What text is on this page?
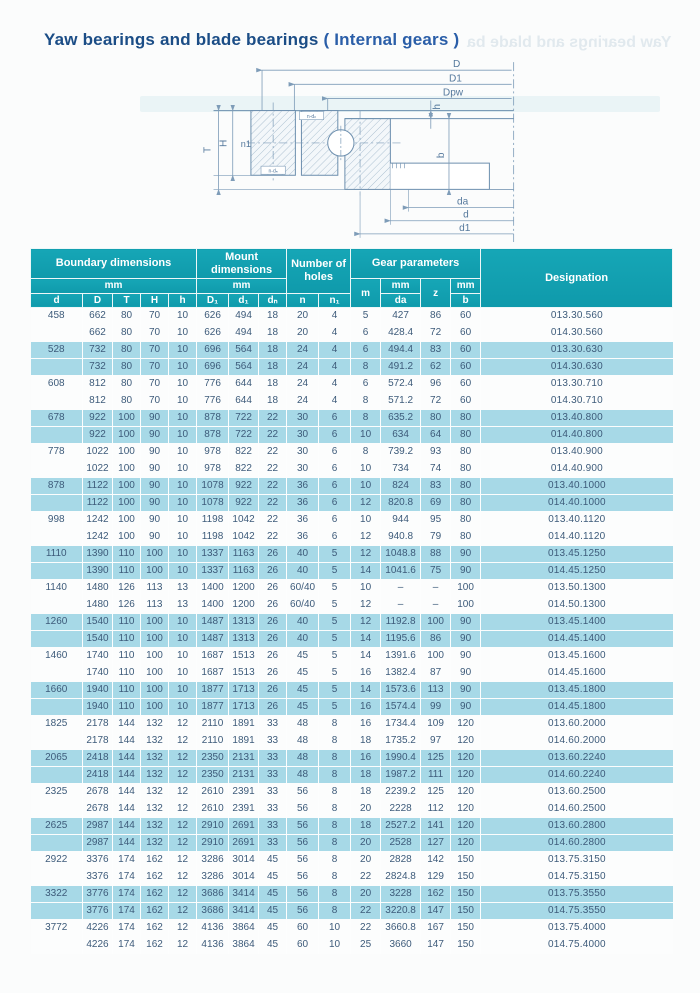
Yaw bearings and blade bearings ( Internal gears ) Yaw bearings and blade ba
D
D1
Dpw
T
H n1
h
b
da
d
d1
n-dₙ
n-dₙ
Boundary dimensions					Mount dimensions			Number of holes		Gear parameters				Designation
mm					mm					m	mm	z	mm	
d	D	T	H	h	D₁	d₁	dₙ	n	n₁		da		b	
458	662	80	70	10	626	494	18	20	4	5	427	86	60	013.30.560
	662	80	70	10	626	494	18	20	4	6	428.4	72	60	014.30.560
528	732	80	70	10	696	564	18	24	4	6	494.4	83	60	013.30.630
	732	80	70	10	696	564	18	24	4	8	491.2	62	60	014.30.630
608	812	80	70	10	776	644	18	24	4	6	572.4	96	60	013.30.710
	812	80	70	10	776	644	18	24	4	8	571.2	72	60	014.30.710
678	922	100	90	10	878	722	22	30	6	8	635.2	80	80	013.40.800
	922	100	90	10	878	722	22	30	6	10	634	64	80	014.40.800
778	1022	100	90	10	978	822	22	30	6	8	739.2	93	80	013.40.900
	1022	100	90	10	978	822	22	30	6	10	734	74	80	014.40.900
878	1122	100	90	10	1078	922	22	36	6	10	824	83	80	013.40.1000
	1122	100	90	10	1078	922	22	36	6	12	820.8	69	80	014.40.1000
998	1242	100	90	10	1198	1042	22	36	6	10	944	95	80	013.40.1120
	1242	100	90	10	1198	1042	22	36	6	12	940.8	79	80	014.40.1120
1110	1390	110	100	10	1337	1163	26	40	5	12	1048.8	88	90	013.45.1250
	1390	110	100	10	1337	1163	26	40	5	14	1041.6	75	90	014.45.1250
1140	1480	126	113	13	1400	1200	26	60/40	5	10	–	–	100	013.50.1300
	1480	126	113	13	1400	1200	26	60/40	5	12	–	–	100	014.50.1300
1260	1540	110	100	10	1487	1313	26	40	5	12	1192.8	100	90	013.45.1400
	1540	110	100	10	1487	1313	26	40	5	14	1195.6	86	90	014.45.1400
1460	1740	110	100	10	1687	1513	26	45	5	14	1391.6	100	90	013.45.1600
	1740	110	100	10	1687	1513	26	45	5	16	1382.4	87	90	014.45.1600
1660	1940	110	100	10	1877	1713	26	45	5	14	1573.6	113	90	013.45.1800
	1940	110	100	10	1877	1713	26	45	5	16	1574.4	99	90	014.45.1800
1825	2178	144	132	12	2110	1891	33	48	8	16	1734.4	109	120	013.60.2000
	2178	144	132	12	2110	1891	33	48	8	18	1735.2	97	120	014.60.2000
2065	2418	144	132	12	2350	2131	33	48	8	16	1990.4	125	120	013.60.2240
	2418	144	132	12	2350	2131	33	48	8	18	1987.2	111	120	014.60.2240
2325	2678	144	132	12	2610	2391	33	56	8	18	2239.2	125	120	013.60.2500
	2678	144	132	12	2610	2391	33	56	8	20	2228	112	120	014.60.2500
2625	2987	144	132	12	2910	2691	33	56	8	18	2527.2	141	120	013.60.2800
	2987	144	132	12	2910	2691	33	56	8	20	2528	127	120	014.60.2800
2922	3376	174	162	12	3286	3014	45	56	8	20	2828	142	150	013.75.3150
	3376	174	162	12	3286	3014	45	56	8	22	2824.8	129	150	014.75.3150
3322	3776	174	162	12	3686	3414	45	56	8	20	3228	162	150	013.75.3550
	3776	174	162	12	3686	3414	45	56	8	22	3220.8	147	150	014.75.3550
3772	4226	174	162	12	4136	3864	45	60	10	22	3660.8	167	150	013.75.4000
	4226	174	162	12	4136	3864	45	60	10	25	3660	147	150	014.75.4000
